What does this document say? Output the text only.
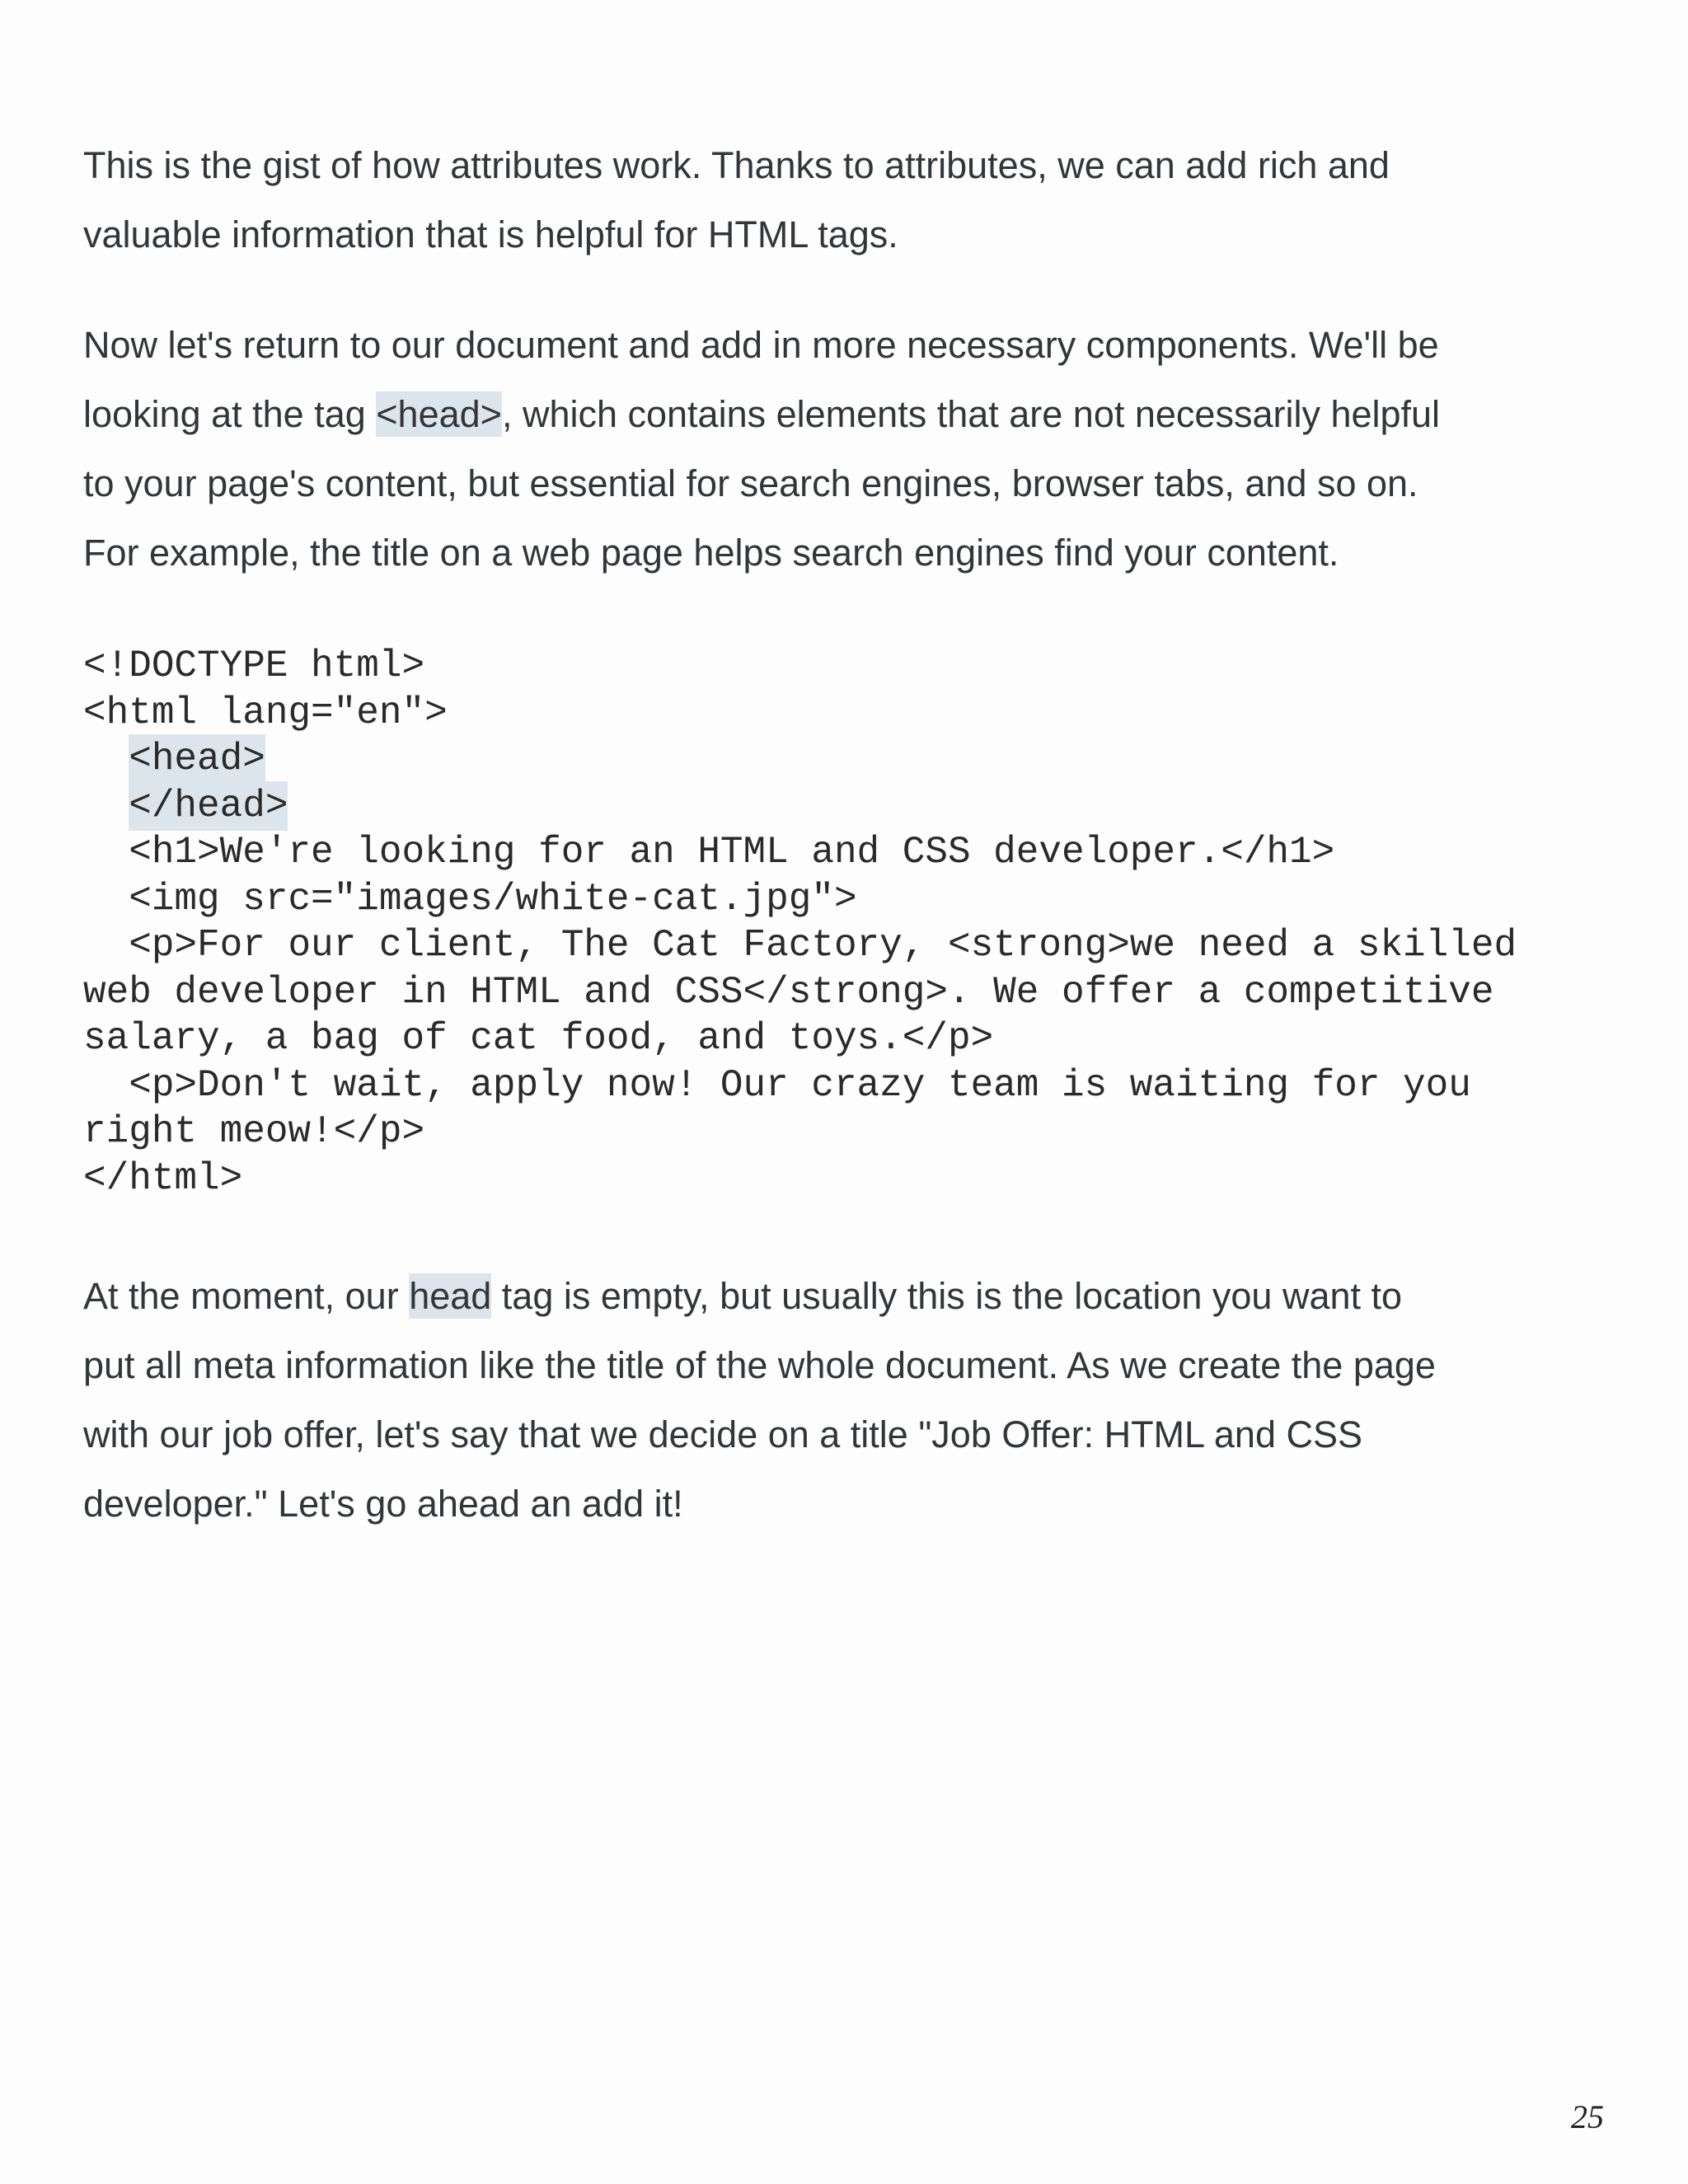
This is the gist of how attributes work. Thanks to attributes, we can add rich and
valuable information that is helpful for HTML tags.
Now let's return to our document and add in more necessary components. We'll be
looking at the tag <head>, which contains elements that are not necessarily helpful
to your page's content, but essential for search engines, browser tabs, and so on.
For example, the title on a web page helps search engines find your content.
<!DOCTYPE html>
<html lang="en">
<head>
</head>
<h1>We're looking for an HTML and CSS developer.</h1>
<img src="images/white-cat.jpg">
<p>For our client, The Cat Factory, <strong>we need a skilled
web developer in HTML and CSS</strong>. We offer a competitive
salary, a bag of cat food, and toys.</p>
<p>Don't wait, apply now! Our crazy team is waiting for you
right meow!</p>
</html>
At the moment, our head tag is empty, but usually this is the location you want to
put all meta information like the title of the whole document. As we create the page
with our job offer, let's say that we decide on a title "Job Offer: HTML and CSS
developer." Let's go ahead an add it!
25
